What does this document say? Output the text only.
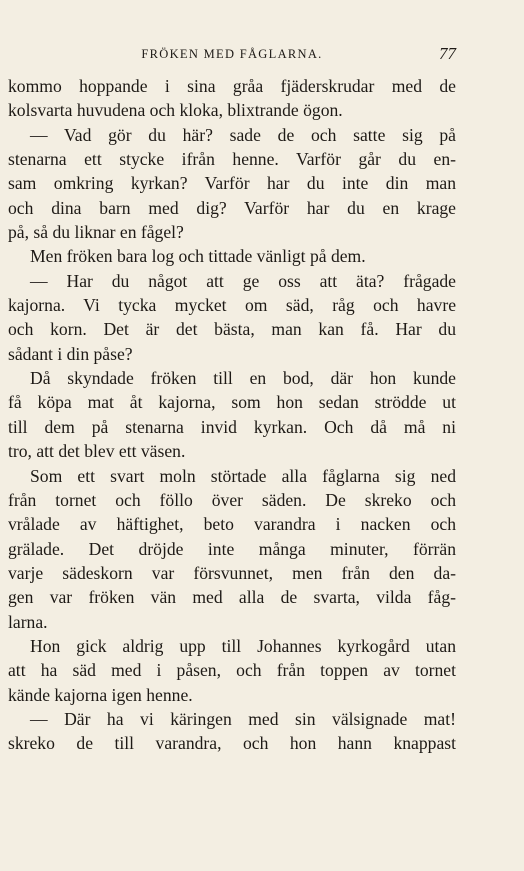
FRÖKEN MED FÅGLARNA.	77
kommo hoppande i sina gråa fjäderskrudar med de
kolsvarta huvudena och kloka, blixtrande ögon.
— Vad gör du här? sade de och satte sig på
stenarna ett stycke ifrån henne. Varför går du en-
sam omkring kyrkan? Varför har du inte din man
och dina barn med dig? Varför har du en krage
på, så du liknar en fågel?
Men fröken bara log och tittade vänligt på dem.
— Har du något att ge oss att äta? frågade
kajorna. Vi tycka mycket om säd, råg och havre
och korn. Det är det bästa, man kan få. Har du
sådant i din påse?
Då skyndade fröken till en bod, där hon kunde
få köpa mat åt kajorna, som hon sedan strödde ut
till dem på stenarna invid kyrkan. Och då må ni
tro, att det blev ett väsen.
Som ett svart moln störtade alla fåglarna sig ned
från tornet och föllo över säden. De skreko och
vrålade av häftighet, beto varandra i nacken och
grälade. Det dröjde inte många minuter, förrän
varje sädeskorn var försvunnet, men från den da-
gen var fröken vän med alla de svarta, vilda fåg-
larna.
Hon gick aldrig upp till Johannes kyrkogård utan
att ha säd med i påsen, och från toppen av tornet
kände kajorna igen henne.
— Där ha vi käringen med sin välsignade mat!
skreko de till varandra, och hon hann knappast
